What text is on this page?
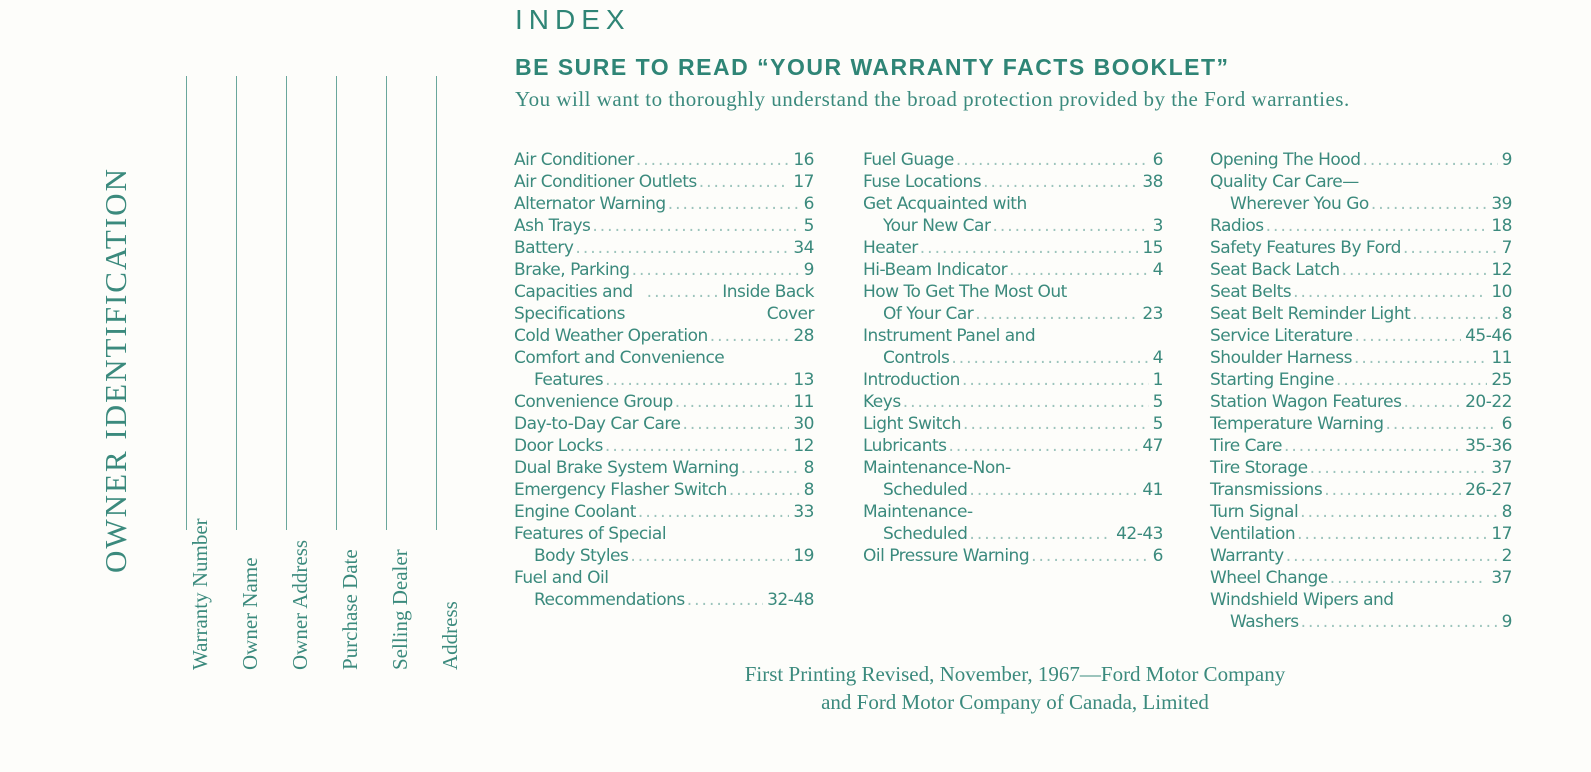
OWNER IDENTIFICATION
Warranty Number Owner Name Owner Address Purchase Date Selling Dealer Address
INDEX
BE SURE TO READ “YOUR WARRANTY FACTS BOOKLET”
You will want to thoroughly understand the broad protection provided by the Ford warranties.
Air Conditioner .....	16
Air Conditioner Outlets .....	17
Alternator Warning .....	6
Ash Trays .....	5
Battery .....	34
Brake, Parking .....	9
Capacities and .....	Inside Back
Specifications	Cover
Cold Weather Operation .....	28
Comfort and Convenience
Features .....	13
Convenience Group .....	11
Day-to-Day Car Care .....	30
Door Locks .....	12
Dual Brake System Warning .....	8
Emergency Flasher Switch .....	8
Engine Coolant .....	33
Features of Special
Body Styles .....	19
Fuel and Oil
Recommendations .....	32-48
Fuel Guage .....	6
Fuse Locations .....	38
Get Acquainted with
Your New Car .....	3
Heater .....	15
Hi-Beam Indicator .....	4
How To Get The Most Out
Of Your Car .....	23
Instrument Panel and
Controls .....	4
Introduction .....	1
Keys .....	5
Light Switch .....	5
Lubricants .....	47
Maintenance-Non-
Scheduled .....	41
Maintenance-
Scheduled .....	42-43
Oil Pressure Warning .....	6
Opening The Hood .....	9
Quality Car Care—
Wherever You Go .....	39
Radios .....	18
Safety Features By Ford .....	7
Seat Back Latch .....	12
Seat Belts .....	10
Seat Belt Reminder Light .....	8
Service Literature .....	45-46
Shoulder Harness .....	11
Starting Engine .....	25
Station Wagon Features .....	20-22
Temperature Warning .....	6
Tire Care .....	35-36
Tire Storage .....	37
Transmissions .....	26-27
Turn Signal .....	8
Ventilation .....	17
Warranty .....	2
Wheel Change .....	37
Windshield Wipers and
Washers .....	9
First Printing Revised, November, 1967—Ford Motor Company
and Ford Motor Company of Canada, Limited
